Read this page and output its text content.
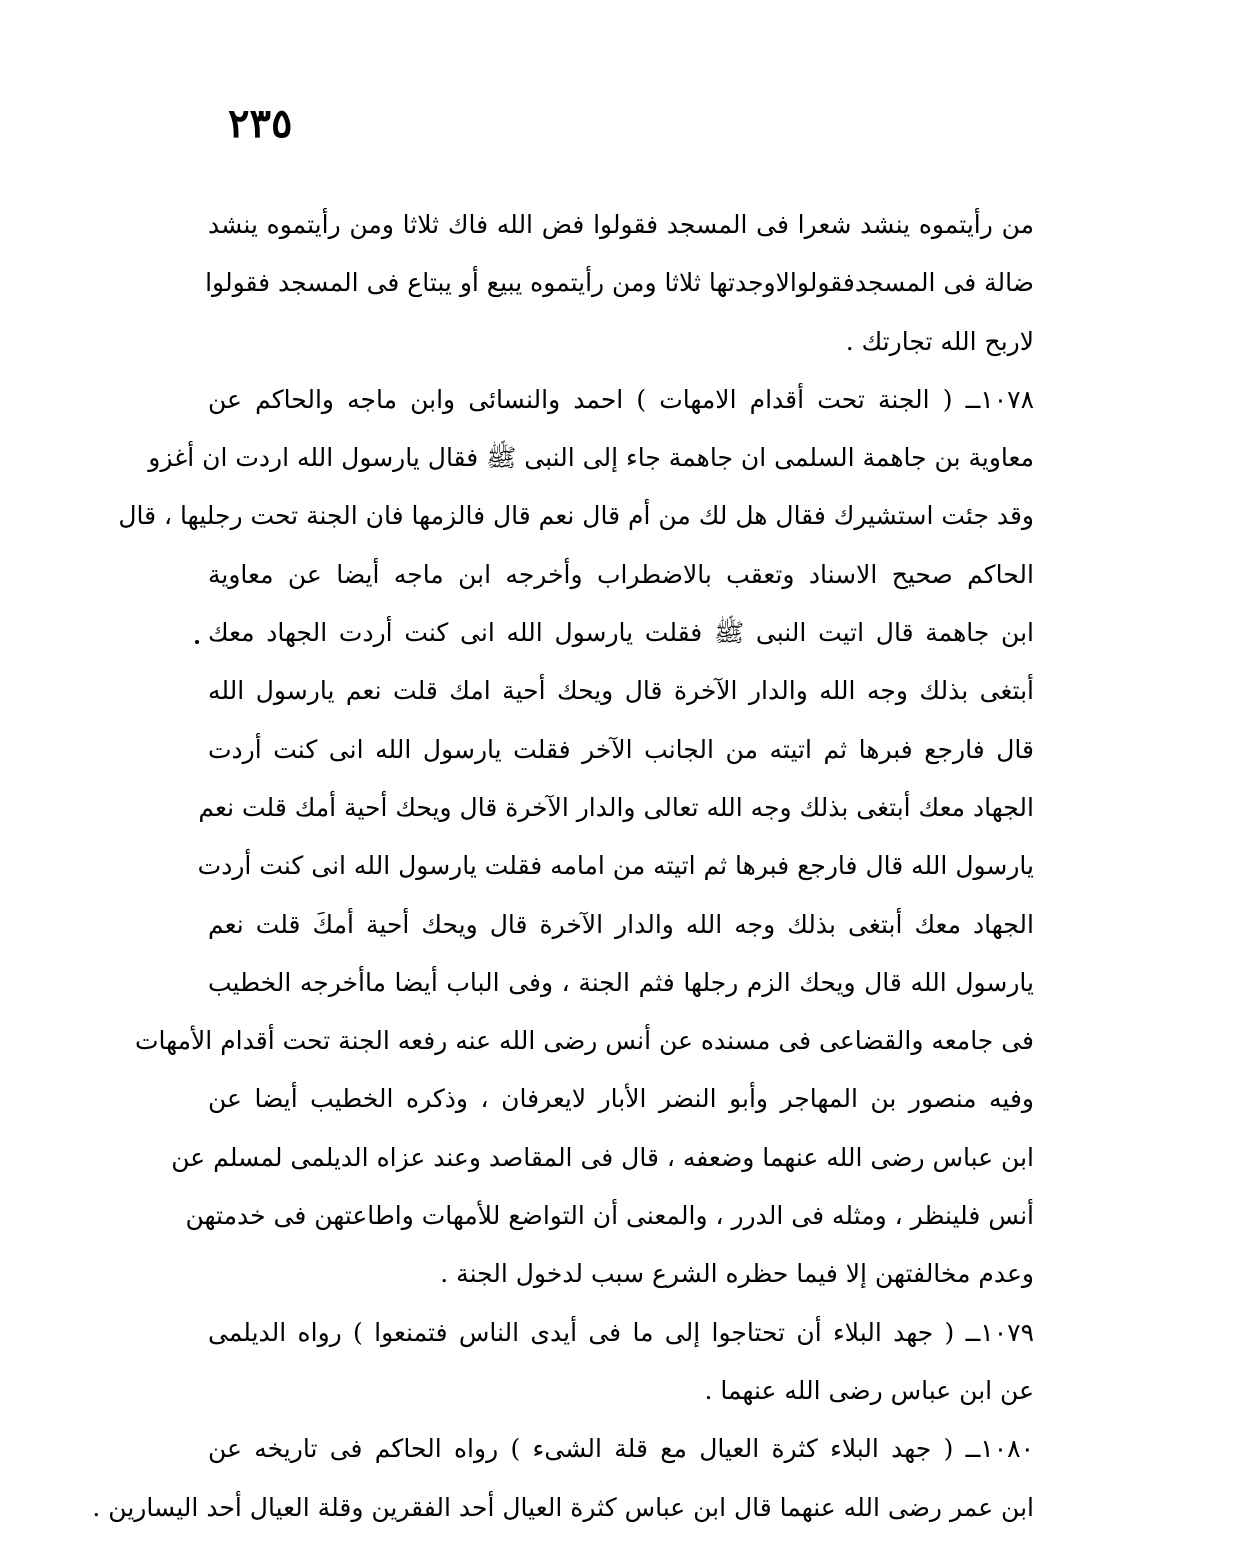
٢٣٥
من رأيتموه ينشد شعرا فى المسجد فقولوا فض الله فاك ثلاثا ومن رأيتموه ينشد
ضالة فى المسجدفقولوالاوجدتها ثلاثا ومن رأيتموه يبيع أو يبتاع فى المسجد فقولوا
لاربح الله تجارتك .
١٠٧٨ــ ( الجنة تحت أقدام الامهات ) احمد والنسائى وابن ماجه والحاكم عن
معاوية بن جاهمة السلمى ان جاهمة جاء إلى النبى ﷺ فقال يارسول الله اردت ان أغزو
وقد جئت استشيرك فقال هل لك من أم قال نعم قال فالزمها فان الجنة تحت رجليها ، قال
الحاكم صحيح الاسناد وتعقب بالاضطراب وأخرجه ابن ماجه أيضا عن معاوية
ابن جاهمة قال اتيت النبى ﷺ فقلت يارسول الله انى كنت أردت الجهاد معك
أبتغى بذلك وجه الله والدار الآخرة قال ويحك أحية امك قلت نعم يارسول الله
قال فارجع فبرها ثم اتيته من الجانب الآخر فقلت يارسول الله انى كنت أردت
الجهاد معك أبتغى بذلك وجه الله تعالى والدار الآخرة قال ويحك أحية أمك قلت نعم
يارسول الله قال فارجع فبرها ثم اتيته من امامه فقلت يارسول الله انى كنت أردت
الجهاد معك أبتغى بذلك وجه الله والدار الآخرة قال ويحك أحية أمكَ قلت نعم
يارسول الله قال ويحك الزم رجلها فثم الجنة ، وفى الباب أيضا ماأخرجه الخطيب
فى جامعه والقضاعى فى مسنده عن أنس رضى الله عنه رفعه الجنة تحت أقدام الأمهات
وفيه منصور بن المهاجر وأبو النضر الأبار لايعرفان ، وذكره الخطيب أيضا عن
ابن عباس رضى الله عنهما وضعفه ، قال فى المقاصد وعند عزاه الديلمى لمسلم عن
أنس فلينظر ، ومثله فى الدرر ، والمعنى أن التواضع للأمهات واطاعتهن فى خدمتهن
وعدم مخالفتهن إلا فيما حظره الشرع سبب لدخول الجنة .
١٠٧٩ــ ( جهد البلاء أن تحتاجوا إلى ما فى أيدى الناس فتمنعوا ) رواه الديلمى
عن ابن عباس رضى الله عنهما .
١٠٨٠ــ ( جهد البلاء كثرة العيال مع قلة الشىء ) رواه الحاكم فى تاريخه عن
ابن عمر رضى الله عنهما قال ابن عباس كثرة العيال أحد الفقرين وقلة العيال أحد اليسارين .
